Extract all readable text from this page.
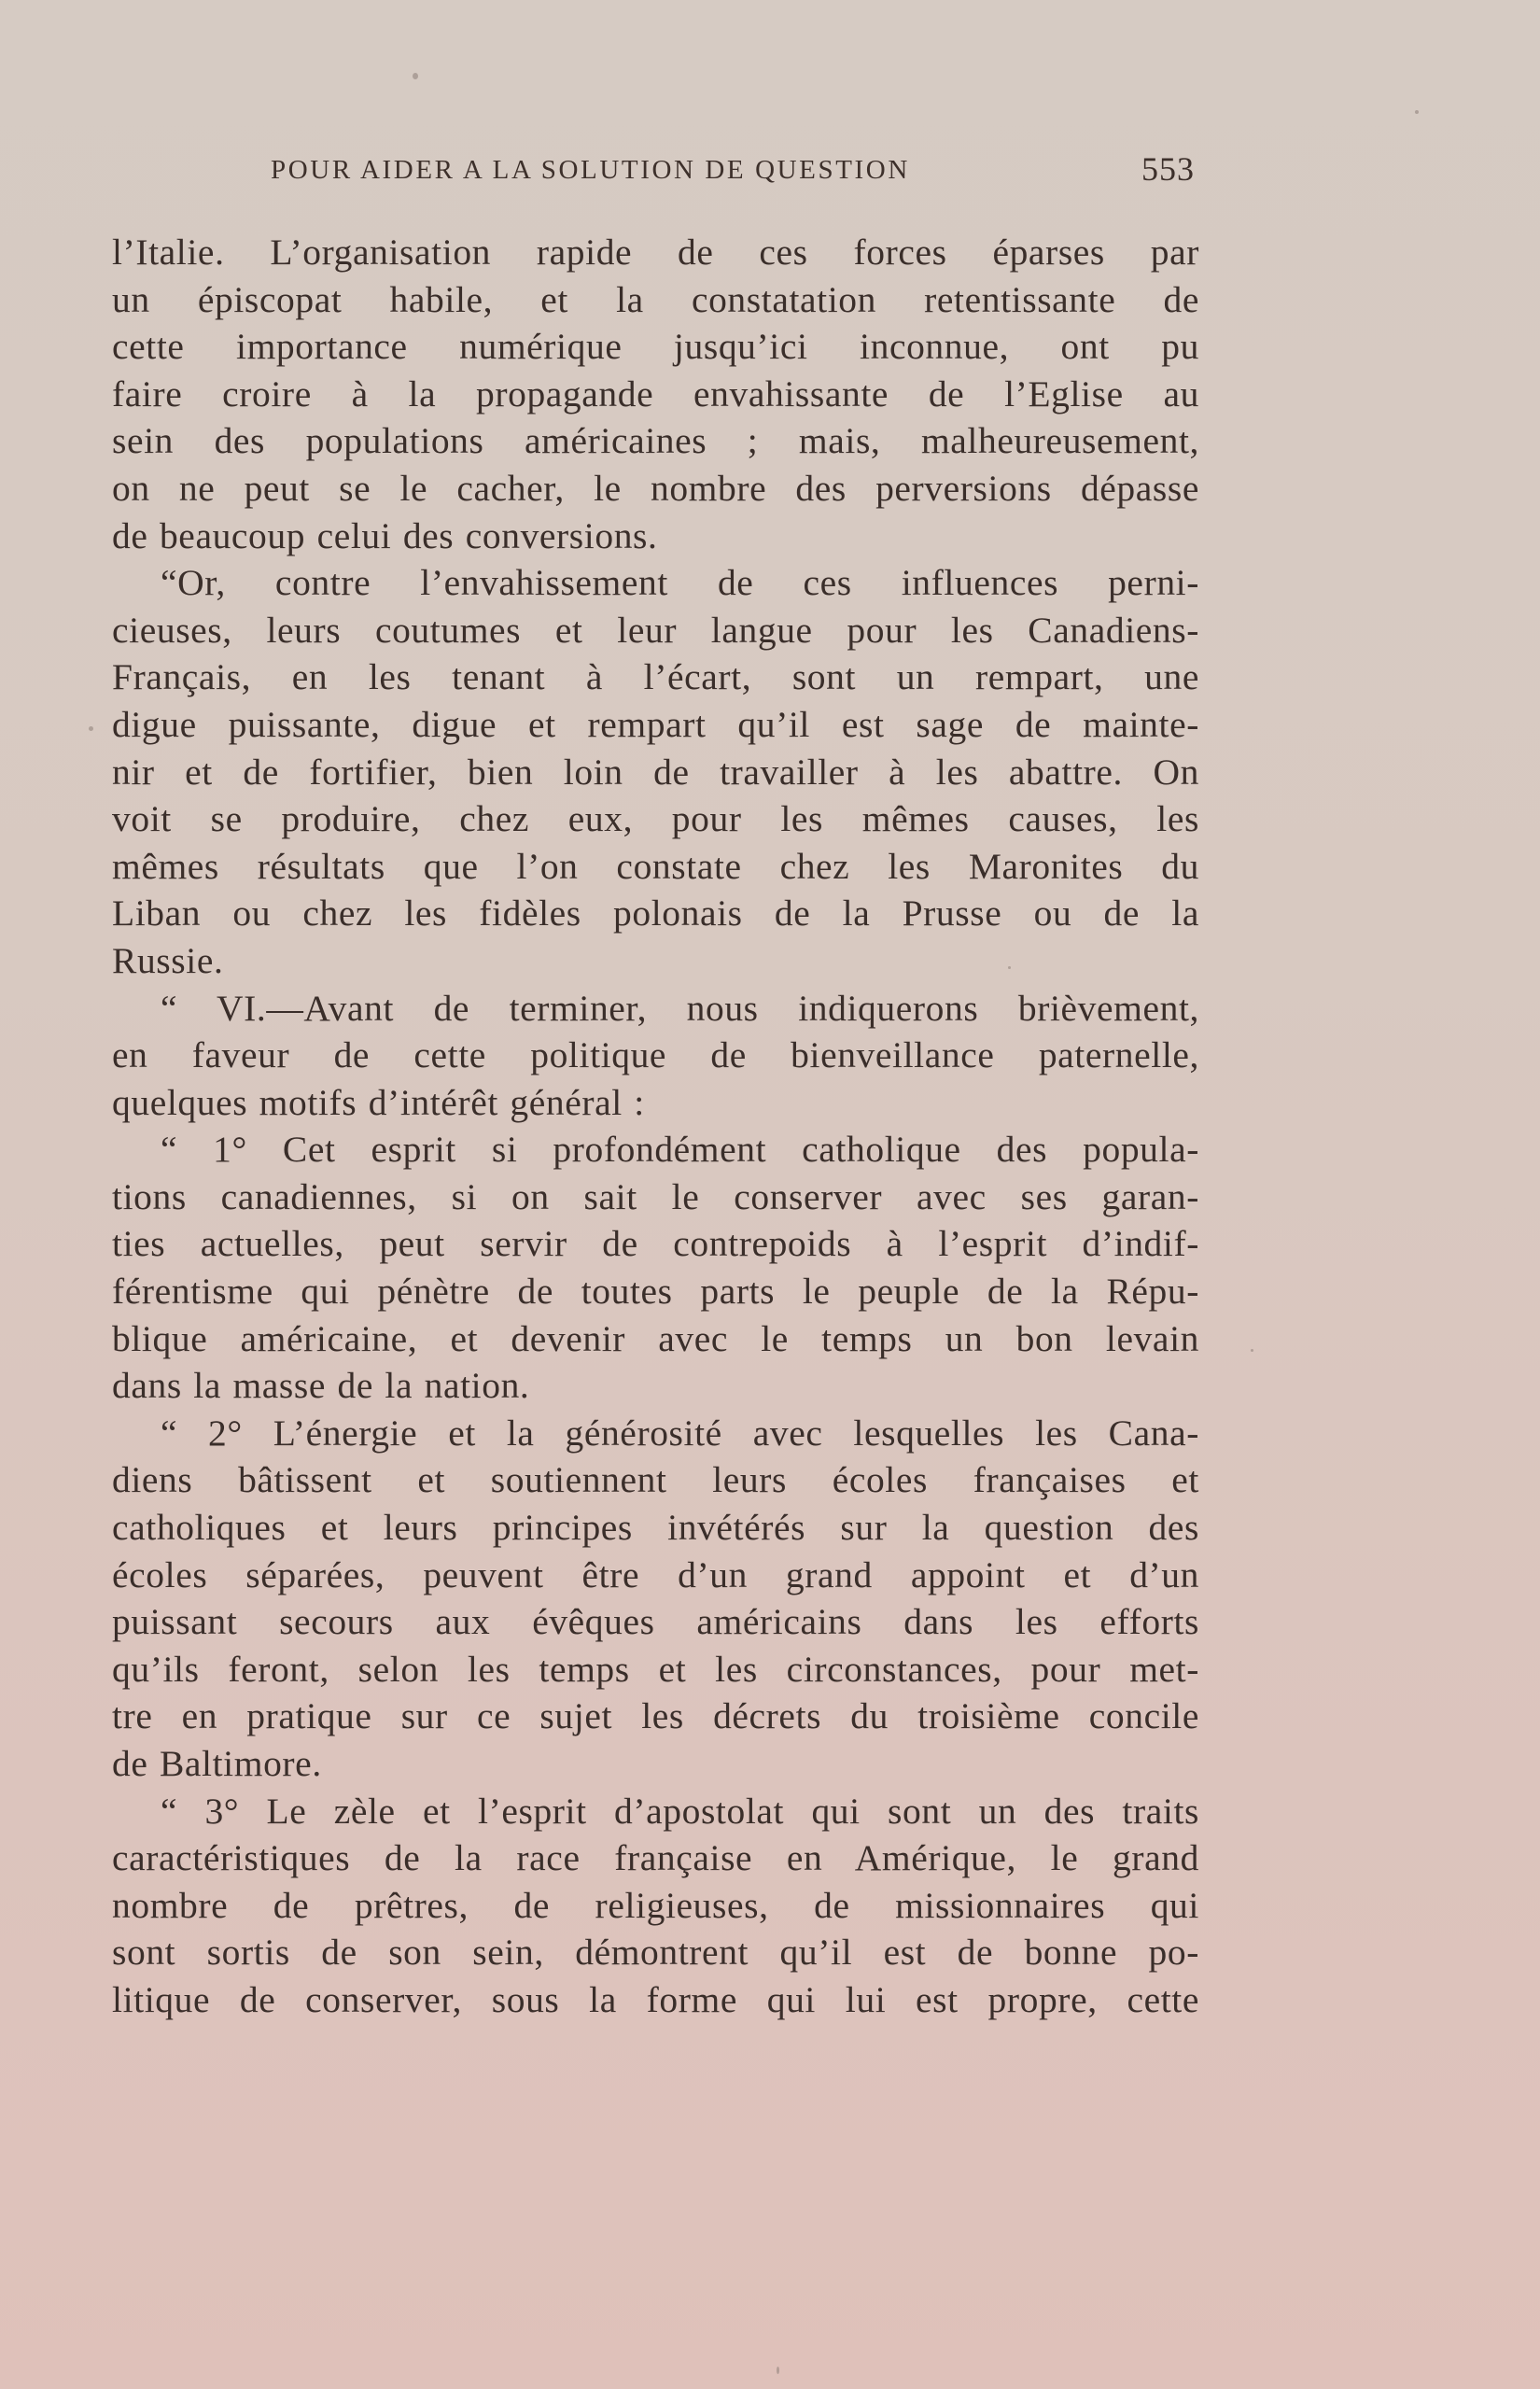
POUR AIDER A LA SOLUTION DE QUESTION	553
l’Italie. L’organisation rapide de ces forces éparses par
un épiscopat habile, et la constatation retentissante de
cette importance numérique jusqu’ici inconnue, ont pu
faire croire à la propagande envahissante de l’Eglise au
sein des populations américaines ; mais, malheureusement,
on ne peut se le cacher, le nombre des perversions dépasse
de beaucoup celui des conversions.
“Or, contre l’envahissement de ces influences perni-
cieuses, leurs coutumes et leur langue pour les Canadiens-
Français, en les tenant à l’écart, sont un rempart, une
digue puissante, digue et rempart qu’il est sage de mainte-
nir et de fortifier, bien loin de travailler à les abattre. On
voit se produire, chez eux, pour les mêmes causes, les
mêmes résultats que l’on constate chez les Maronites du
Liban ou chez les fidèles polonais de la Prusse ou de la
Russie.
“ VI.—Avant de terminer, nous indiquerons brièvement,
en faveur de cette politique de bienveillance paternelle,
quelques motifs d’intérêt général :
“ 1° Cet esprit si profondément catholique des popula-
tions canadiennes, si on sait le conserver avec ses garan-
ties actuelles, peut servir de contrepoids à l’esprit d’indif-
férentisme qui pénètre de toutes parts le peuple de la Répu-
blique américaine, et devenir avec le temps un bon levain
dans la masse de la nation.
“ 2° L’énergie et la générosité avec lesquelles les Cana-
diens bâtissent et soutiennent leurs écoles françaises et
catholiques et leurs principes invétérés sur la question des
écoles séparées, peuvent être d’un grand appoint et d’un
puissant secours aux évêques américains dans les efforts
qu’ils feront, selon les temps et les circonstances, pour met-
tre en pratique sur ce sujet les décrets du troisième concile
de Baltimore.
“ 3° Le zèle et l’esprit d’apostolat qui sont un des traits
caractéristiques de la race française en Amérique, le grand
nombre de prêtres, de religieuses, de missionnaires qui
sont sortis de son sein, démontrent qu’il est de bonne po-
litique de conserver, sous la forme qui lui est propre, cette
